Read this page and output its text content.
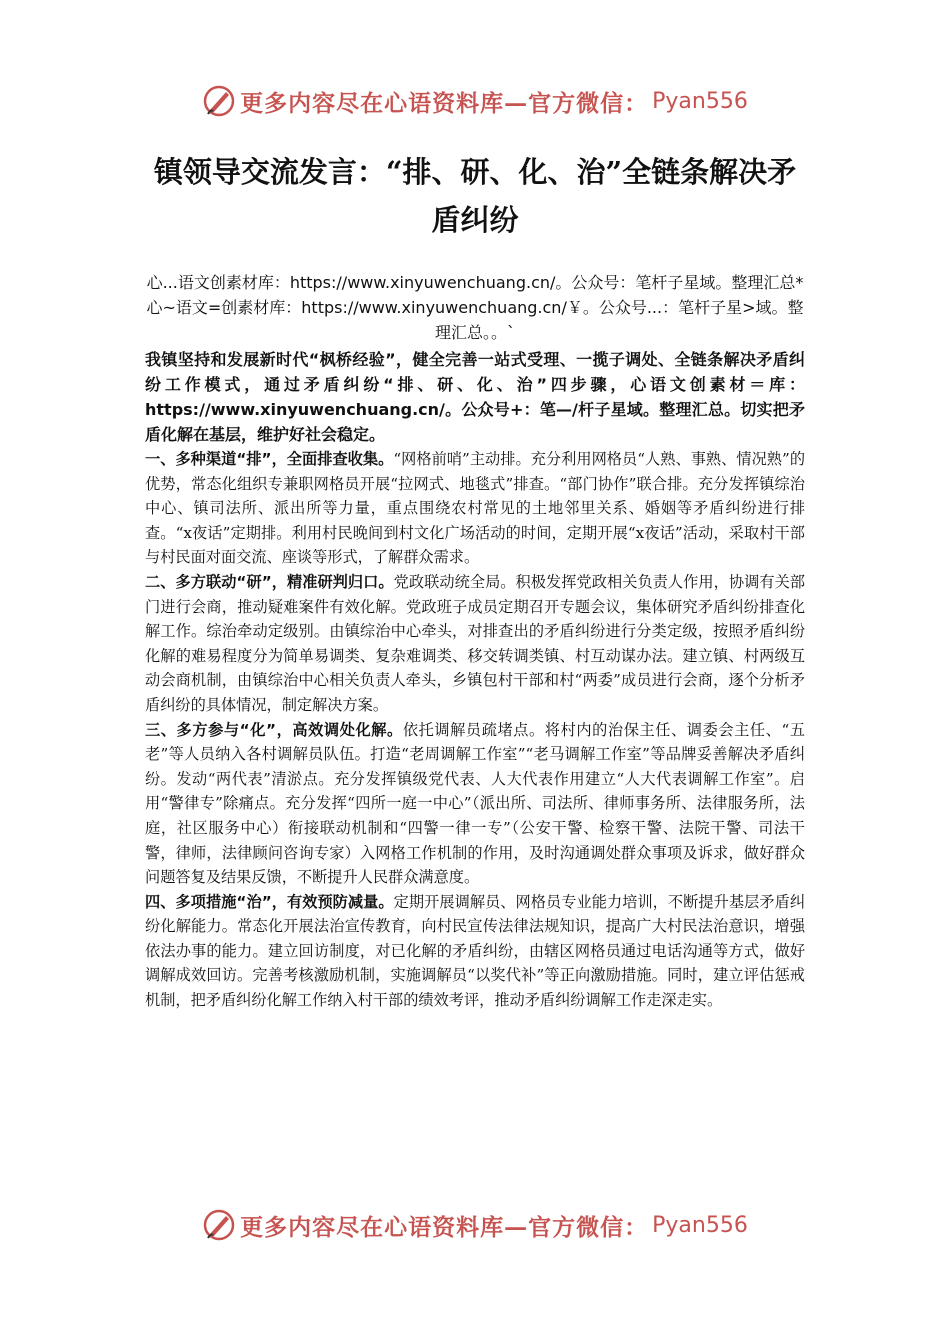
更多内容尽在心语资料库—官方微信： Pyan556
镇领导交流发言：“排、研、化、治”全链条解决矛盾纠纷
心...语文创素材库：https://www.xinyuwenchuang.cn/。公众号：笔杆子星域。整理汇总*心~语文=创素材库：https://www.xinyuwenchuang.cn/￥。公众号...：笔杆子星>域。整理汇总。。`
我镇坚持和发展新时代“枫桥经验”，健全完善一站式受理、一揽子调处、全链条解决矛盾纠纷工作模式，通过矛盾纠纷“排、研、化、治”四步骤，心语文创素材＝库：https://www.xinyuwenchuang.cn/。公众号+：笔—/杆子星域。整理汇总。切实把矛盾化解在基层，维护好社会稳定。
一、多种渠道“排”，全面排查收集。“网格前哨”主动排。充分利用网格员“人熟、事熟、情况熟”的优势，常态化组织专兼职网格员开展“拉网式、地毯式”排查。“部门协作”联合排。充分发挥镇综治中心、镇司法所、派出所等力量，重点围绕农村常见的土地邻里关系、婚姻等矛盾纠纷进行排查。“x夜话”定期排。利用村民晚间到村文化广场活动的时间，定期开展“x夜话”活动，采取村干部与村民面对面交流、座谈等形式，了解群众需求。
二、多方联动“研”，精准研判归口。党政联动统全局。积极发挥党政相关负责人作用，协调有关部门进行会商，推动疑难案件有效化解。党政班子成员定期召开专题会议，集体研究矛盾纠纷排查化解工作。综治牵动定级别。由镇综治中心牵头，对排查出的矛盾纠纷进行分类定级，按照矛盾纠纷化解的难易程度分为简单易调类、复杂难调类、移交转调类镇、村互动谋办法。建立镇、村两级互动会商机制，由镇综治中心相关负责人牵头，乡镇包村干部和村“两委”成员进行会商，逐个分析矛盾纠纷的具体情况，制定解决方案。
三、多方参与“化”，高效调处化解。依托调解员疏堵点。将村内的治保主任、调委会主任、“五老”等人员纳入各村调解员队伍。打造“老周调解工作室”“老马调解工作室”等品牌妥善解决矛盾纠纷。发动“两代表”清淤点。充分发挥镇级党代表、人大代表作用建立“人大代表调解工作室”。启用“警律专”除痛点。充分发挥“四所一庭一中心”（派出所、司法所、律师事务所、法律服务所，法庭，社区服务中心）衔接联动机制和“四警一律一专”（公安干警、检察干警、法院干警、司法干警，律师，法律顾问咨询专家）入网格工作机制的作用，及时沟通调处群众事项及诉求，做好群众问题答复及结果反馈，不断提升人民群众满意度。
四、多项措施“治”，有效预防减量。定期开展调解员、网格员专业能力培训，不断提升基层矛盾纠纷化解能力。常态化开展法治宣传教育，向村民宣传法律法规知识，提高广大村民法治意识，增强依法办事的能力。建立回访制度，对已化解的矛盾纠纷，由辖区网格员通过电话沟通等方式，做好调解成效回访。完善考核激励机制，实施调解员“以奖代补”等正向激励措施。同时，建立评估惩戒机制，把矛盾纠纷化解工作纳入村干部的绩效考评，推动矛盾纠纷调解工作走深走实。
更多内容尽在心语资料库—官方微信： Pyan556
